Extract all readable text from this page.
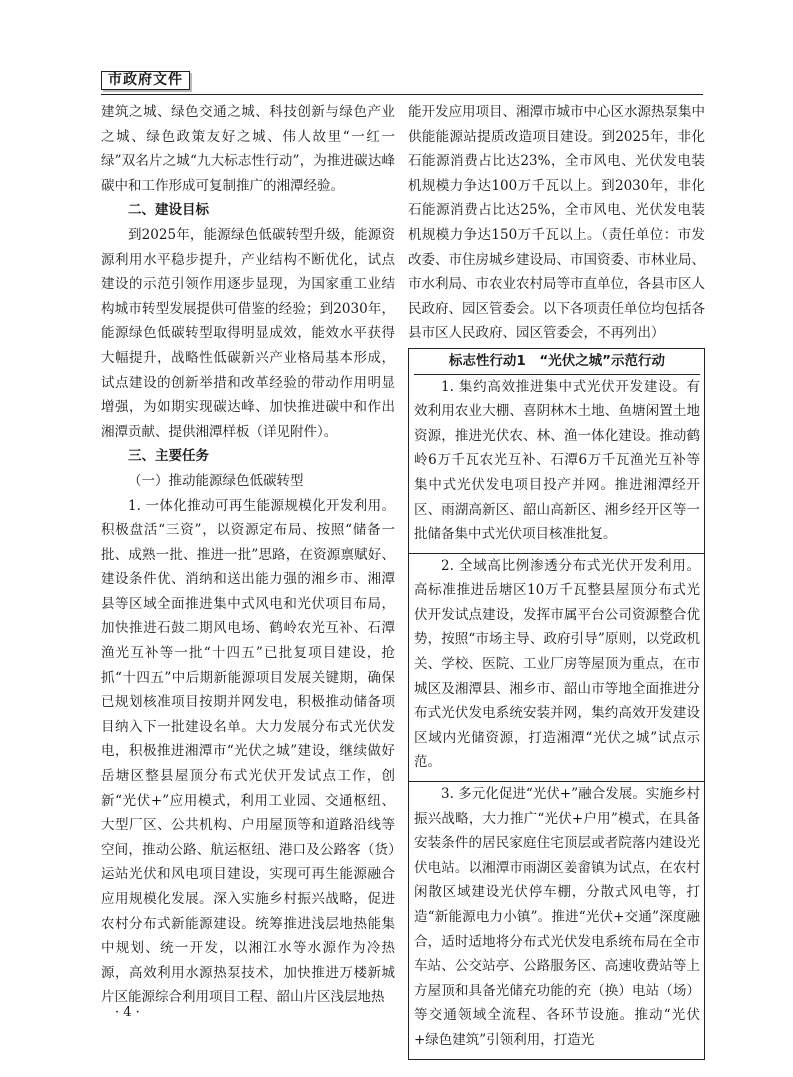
市政府文件

建筑之城、绿色交通之城、科技创新与绿色产业之城、绿色政策友好之城、伟人故里“一红一绿”双名片之城“九大标志性行动”，为推进碳达峰碳中和工作形成可复制推广的湘潭经验。

二、建设目标

到2025年，能源绿色低碳转型升级，能源资源利用水平稳步提升，产业结构不断优化，试点建设的示范引领作用逐步显现，为国家重工业结构城市转型发展提供可借鉴的经验；到2030年，能源绿色低碳转型取得明显成效，能效水平获得大幅提升，战略性低碳新兴产业格局基本形成，试点建设的创新举措和改革经验的带动作用明显增强，为如期实现碳达峰、加快推进碳中和作出湘潭贡献、提供湘潭样板（详见附件）。

三、主要任务

（一）推动能源绿色低碳转型

1. 一体化推动可再生能源规模化开发利用。积极盘活“三资”，以资源定布局、按照“储备一批、成熟一批、推进一批”思路，在资源禀赋好、建设条件优、消纳和送出能力强的湘乡市、湘潭县等区域全面推进集中式风电和光伏项目布局，加快推进石鼓二期风电场、鹤岭农光互补、石潭渔光互补等一批“十四五”已批复项目建设，抢抓“十四五”中后期新能源项目发展关键期，确保已规划核准项目按期并网发电，积极推动储备项目纳入下一批建设名单。大力发展分布式光伏发电，积极推进湘潭市“光伏之城”建设，继续做好岳塘区整县屋顶分布式光伏开发试点工作，创新“光伏+”应用模式，利用工业园、交通枢纽、大型厂区、公共机构、户用屋顶等和道路沿线等空间，推动公路、航运枢纽、港口及公路客（货）运站光伏和风电项目建设，实现可再生能源融合应用规模化发展。深入实施乡村振兴战略，促进农村分布式新能源建设。统筹推进浅层地热能集中规划、统一开发，以湘江水等水源作为冷热源，高效利用水源热泵技术，加快推进万楼新城片区能源综合利用项目工程、韶山片区浅层地热

能开发应用项目、湘潭市城市中心区水源热泵集中供能能源站提质改造项目建设。到2025年，非化石能源消费占比达23%，全市风电、光伏发电装机规模力争达100万千瓦以上。到2030年，非化石能源消费占比达25%，全市风电、光伏发电装机规模力争达150万千瓦以上。（责任单位：市发改委、市住房城乡建设局、市国资委、市林业局、市水利局、市农业农村局等市直单位，各县市区人民政府、园区管委会。以下各项责任单位均包括各县市区人民政府、园区管委会，不再列出）

标志性行动1　“光伏之城”示范行动

1. 集约高效推进集中式光伏开发建设。有效利用农业大棚、喜阴林木土地、鱼塘闲置土地资源，推进光伏农、林、渔一体化建设。推动鹤岭6万千瓦农光互补、石潭6万千瓦渔光互补等集中式光伏发电项目投产并网。推进湘潭经开区、雨湖高新区、韶山高新区、湘乡经开区等一批储备集中式光伏项目核准批复。

2. 全域高比例渗透分布式光伏开发利用。高标准推进岳塘区10万千瓦整县屋顶分布式光伏开发试点建设，发挥市属平台公司资源整合优势，按照“市场主导、政府引导”原则，以党政机关、学校、医院、工业厂房等屋顶为重点，在市城区及湘潭县、湘乡市、韶山市等地全面推进分布式光伏发电系统安装并网，集约高效开发建设区域内光储资源，打造湘潭“光伏之城”试点示范。

3. 多元化促进“光伏+”融合发展。实施乡村振兴战略，大力推广“光伏+户用”模式，在具备安装条件的居民家庭住宅顶层或者院落内建设光伏电站。以湘潭市雨湖区姜畲镇为试点，在农村闲散区域建设光伏停车棚，分散式风电等，打造“新能源电力小镇”。推进“光伏+交通”深度融合，适时适地将分布式光伏发电系统布局在全市车站、公交站亭、公路服务区、高速收费站等上方屋顶和具备光储充功能的充（换）电站（场）等交通领域全流程、各环节设施。推动“光伏+绿色建筑”引领利用，打造光

· 4 ·
